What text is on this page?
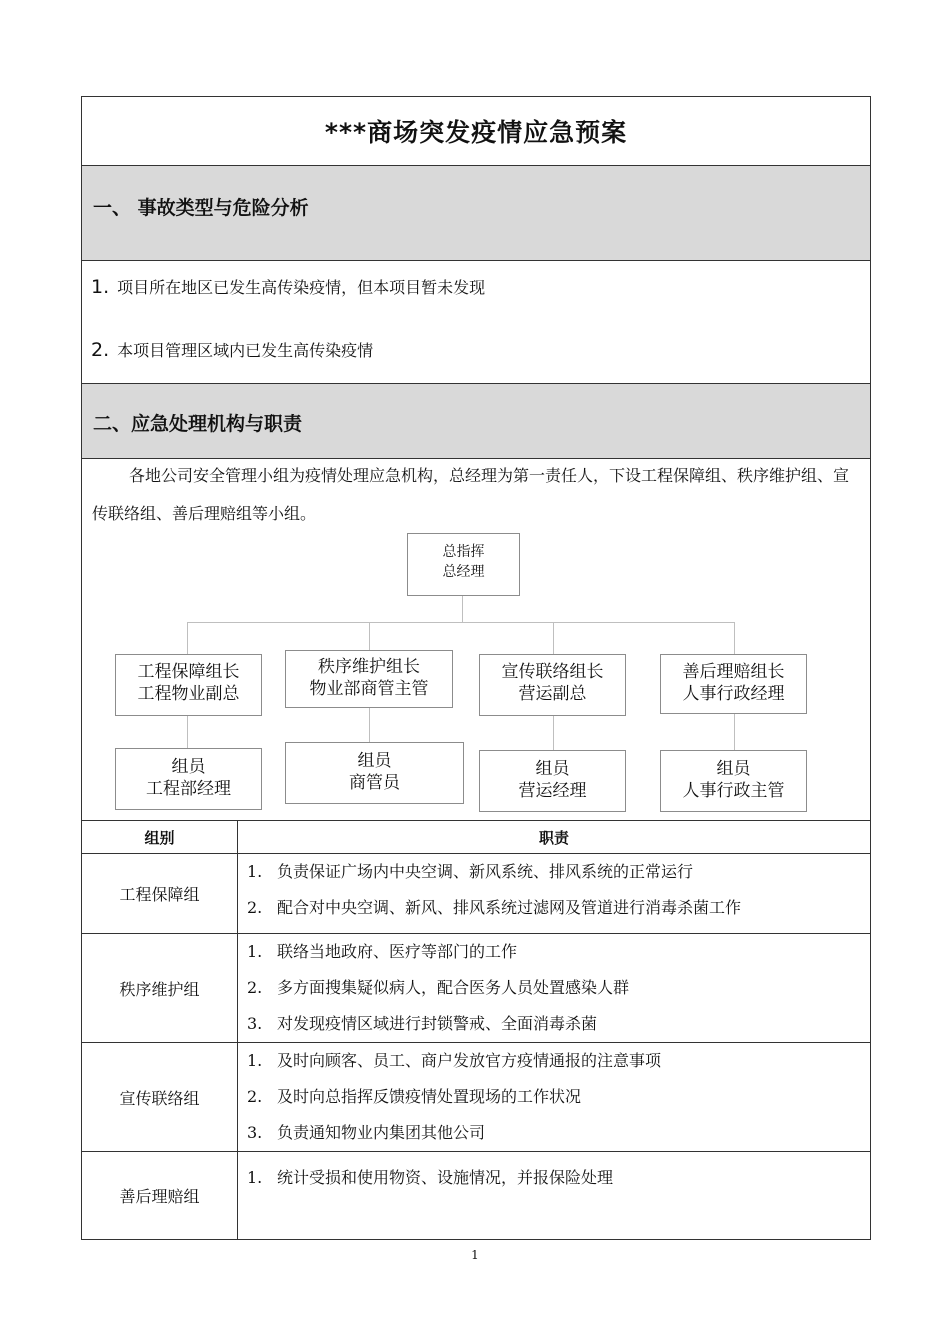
***商场突发疫情应急预案
一、 事故类型与危险分析
1. 项目所在地区已发生高传染疫情，但本项目暂未发现
2. 本项目管理区域内已发生高传染疫情
二、应急处理机构与职责
各地公司安全管理小组为疫情处理应急机构，总经理为第一责任人，下设工程保障组、秩序维护组、宣传联络组、善后理赔组等小组。
总指挥
总经理
工程保障组长
工程物业副总
秩序维护组长
物业部商管主管
宣传联络组长
营运副总
善后理赔组长
人事行政经理
组员
工程部经理
组员
商管员
组员
营运经理
组员
人事行政主管
组别	职责
工程保障组	1. 负责保证广场内中央空调、新风系统、排风系统的正常运行
2. 配合对中央空调、新风、排风系统过滤网及管道进行消毒杀菌工作

秩序维护组	1. 联络当地政府、医疗等部门的工作
2. 多方面搜集疑似病人，配合医务人员处置感染人群
3. 对发现疫情区域进行封锁警戒、全面消毒杀菌

宣传联络组	1. 及时向顾客、员工、商户发放官方疫情通报的注意事项
2. 及时向总指挥反馈疫情处置现场的工作状况
3. 负责通知物业内集团其他公司

善后理赔组	1. 统计受损和使用物资、设施情况，并报保险处理
1
